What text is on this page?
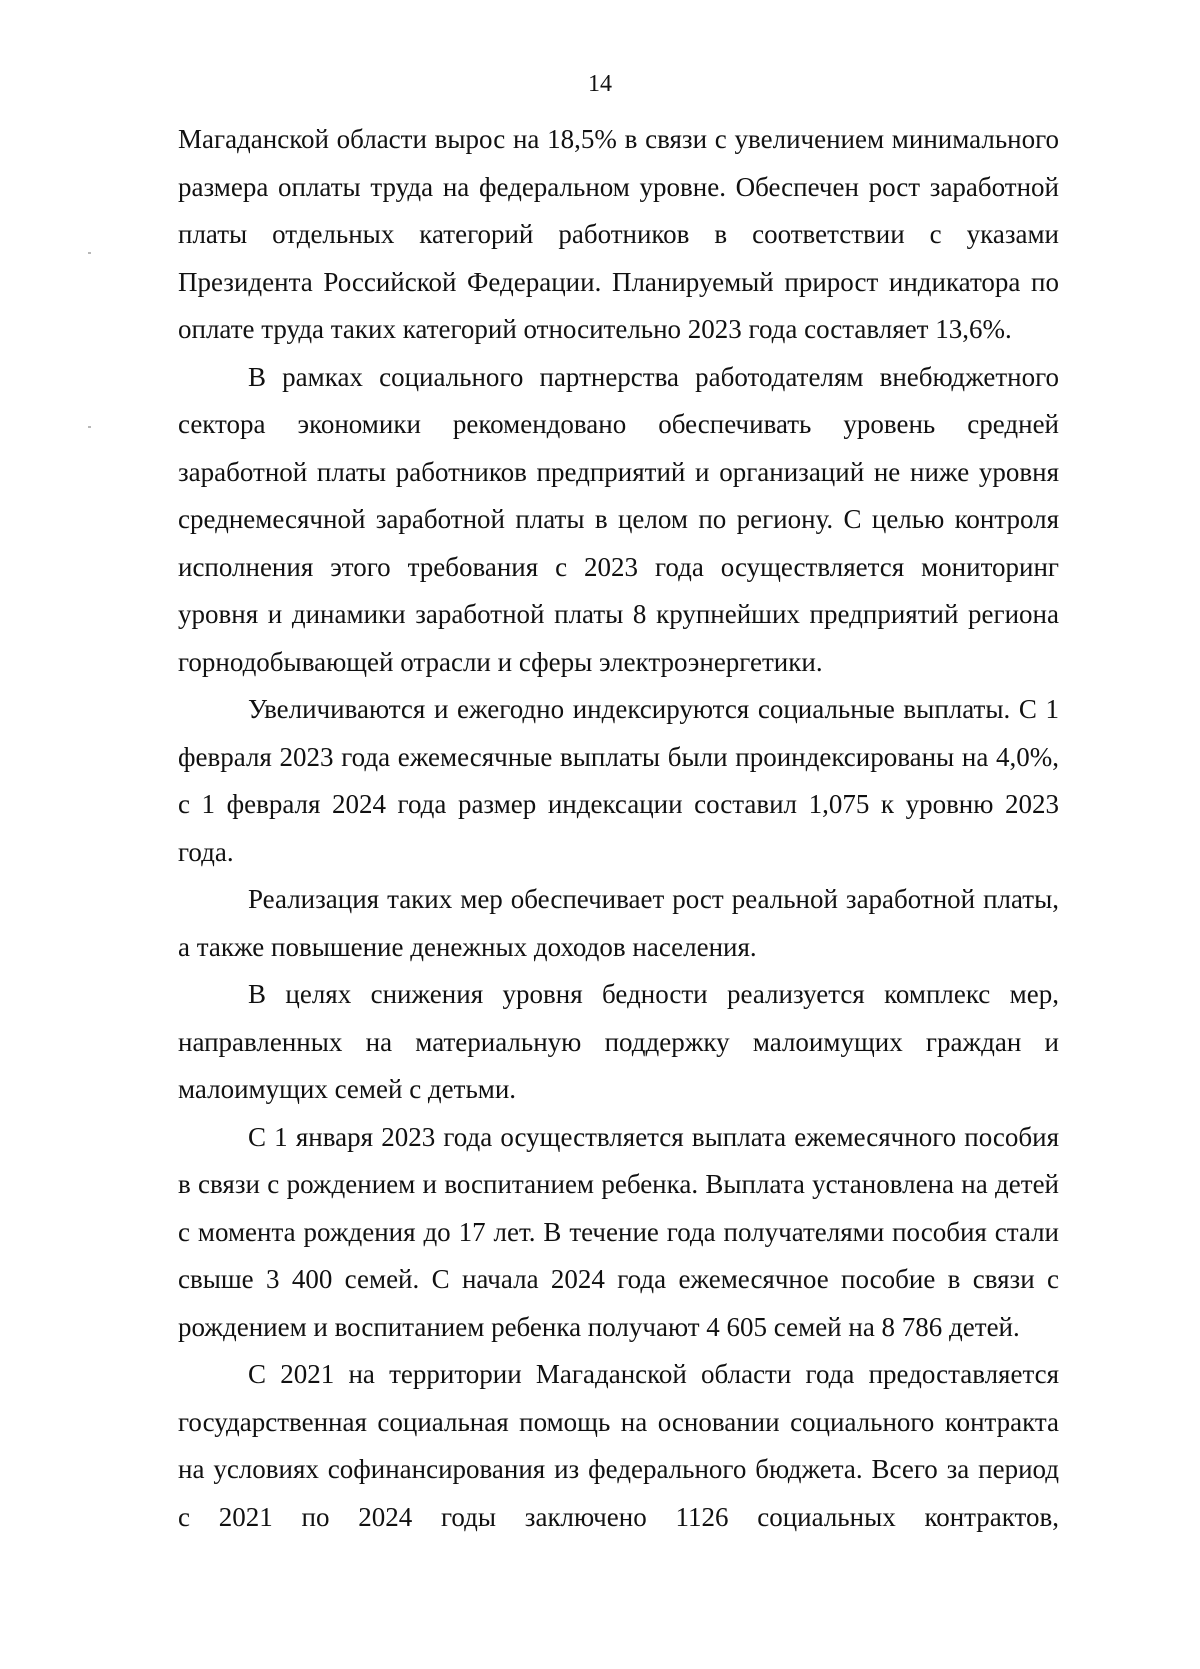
14

Магаданской области вырос на 18,5% в связи с увеличением минимального размера оплаты труда на федеральном уровне. Обеспечен рост заработной платы отдельных категорий работников в соответствии с указами Президента Российской Федерации. Планируемый прирост индикатора по оплате труда таких категорий относительно 2023 года составляет 13,6%.

В рамках социального партнерства работодателям внебюджетного сектора экономики рекомендовано обеспечивать уровень средней заработной платы работников предприятий и организаций не ниже уровня среднемесячной заработной платы в целом по региону. С целью контроля исполнения этого требования с 2023 года осуществляется мониторинг уровня и динамики заработной платы 8 крупнейших предприятий региона горнодобывающей отрасли и сферы электроэнергетики.

Увеличиваются и ежегодно индексируются социальные выплаты. С 1 февраля 2023 года ежемесячные выплаты были проиндексированы на 4,0%, с 1 февраля 2024 года размер индексации составил 1,075 к уровню 2023 года.

Реализация таких мер обеспечивает рост реальной заработной платы, а также повышение денежных доходов населения.

В целях снижения уровня бедности реализуется комплекс мер, направленных на материальную поддержку малоимущих граждан и малоимущих семей с детьми.

С 1 января 2023 года осуществляется выплата ежемесячного пособия в связи с рождением и воспитанием ребенка. Выплата установлена на детей с момента рождения до 17 лет. В течение года получателями пособия стали свыше 3 400 семей. С начала 2024 года ежемесячное пособие в связи с рождением и воспитанием ребенка получают 4 605 семей на 8 786 детей.

С 2021 на территории Магаданской области года предоставляется государственная социальная помощь на основании социального контракта на условиях софинансирования из федерального бюджета. Всего за период с 2021 по 2024 годы заключено 1126 социальных контрактов,
